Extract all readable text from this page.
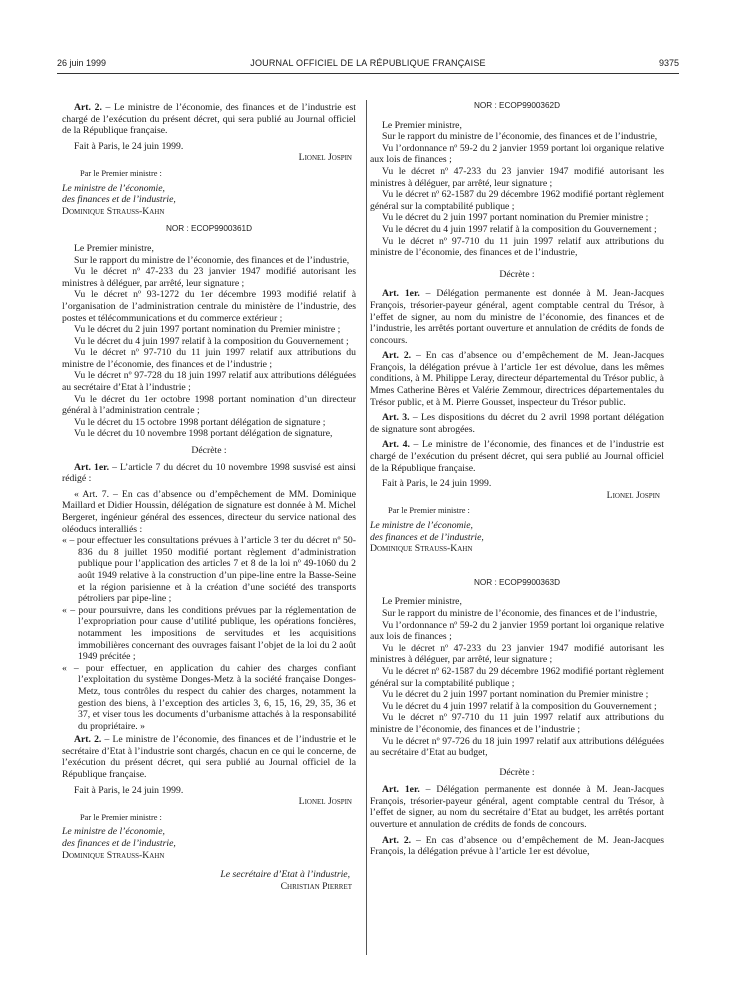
26 juin 1999	JOURNAL OFFICIEL DE LA RÉPUBLIQUE FRANÇAISE	9375

Art. 2. – Le ministre de l’économie, des finances et de l’industrie est chargé de l’exécution du présent décret, qui sera publié au Journal officiel de la République française.

Fait à Paris, le 24 juin 1999.

Lionel Jospin

Par le Premier ministre :

Le ministre de l’économie,

des finances et de l’industrie,

Dominique Strauss-Kahn

NOR : ECOP9900361D

Le Premier ministre,

Sur le rapport du ministre de l’économie, des finances et de l’industrie,

Vu le décret nº 47-233 du 23 janvier 1947 modifié autorisant les ministres à déléguer, par arrêté, leur signature ;

Vu le décret nº 93-1272 du 1er décembre 1993 modifié relatif à l’organisation de l’administration centrale du ministère de l’industrie, des postes et télécommunications et du commerce extérieur ;

Vu le décret du 2 juin 1997 portant nomination du Premier ministre ;

Vu le décret du 4 juin 1997 relatif à la composition du Gouvernement ;

Vu le décret nº 97-710 du 11 juin 1997 relatif aux attributions du ministre de l’économie, des finances et de l’industrie ;

Vu le décret nº 97-728 du 18 juin 1997 relatif aux attributions déléguées au secrétaire d’Etat à l’industrie ;

Vu le décret du 1er octobre 1998 portant nomination d’un directeur général à l’administration centrale ;

Vu le décret du 15 octobre 1998 portant délégation de signature ;

Vu le décret du 10 novembre 1998 portant délégation de signature,

Décrète :

Art. 1er. – L’article 7 du décret du 10 novembre 1998 susvisé est ainsi rédigé :

« Art. 7. – En cas d’absence ou d’empêchement de MM. Dominique Maillard et Didier Houssin, délégation de signature est donnée à M. Michel Bergeret, ingénieur général des essences, directeur du service national des oléoducs interalliés :

« – pour effectuer les consultations prévues à l’article 3 ter du décret nº 50-836 du 8 juillet 1950 modifié portant règlement d’administration publique pour l’application des articles 7 et 8 de la loi nº 49-1060 du 2 août 1949 relative à la construction d’un pipe-line entre la Basse-Seine et la région parisienne et à la création d’une société des transports pétroliers par pipe-line ;

« – pour poursuivre, dans les conditions prévues par la réglementation de l’expropriation pour cause d’utilité publique, les opérations foncières, notamment les impositions de servitudes et les acquisitions immobilières concernant des ouvrages faisant l’objet de la loi du 2 août 1949 précitée ;

« – pour effectuer, en application du cahier des charges confiant l’exploitation du système Donges-Metz à la société française Donges-Metz, tous contrôles du respect du cahier des charges, notamment la gestion des biens, à l’exception des articles 3, 6, 15, 16, 29, 35, 36 et 37, et viser tous les documents d’urbanisme attachés à la responsabilité du propriétaire. »

Art. 2. – Le ministre de l’économie, des finances et de l’industrie et le secrétaire d’Etat à l’industrie sont chargés, chacun en ce qui le concerne, de l’exécution du présent décret, qui sera publié au Journal officiel de la République française.

Fait à Paris, le 24 juin 1999.

Lionel Jospin

Par le Premier ministre :

Le ministre de l’économie,

des finances et de l’industrie,

Dominique Strauss-Kahn

Le secrétaire d’Etat à l’industrie,

Christian Pierret

NOR : ECOP9900362D

Le Premier ministre,

Sur le rapport du ministre de l’économie, des finances et de l’industrie,

Vu l’ordonnance nº 59-2 du 2 janvier 1959 portant loi organique relative aux lois de finances ;

Vu le décret nº 47-233 du 23 janvier 1947 modifié autorisant les ministres à déléguer, par arrêté, leur signature ;

Vu le décret nº 62-1587 du 29 décembre 1962 modifié portant règlement général sur la comptabilité publique ;

Vu le décret du 2 juin 1997 portant nomination du Premier ministre ;

Vu le décret du 4 juin 1997 relatif à la composition du Gouvernement ;

Vu le décret nº 97-710 du 11 juin 1997 relatif aux attributions du ministre de l’économie, des finances et de l’industrie,

Décrète :

Art. 1er. – Délégation permanente est donnée à M. Jean-Jacques François, trésorier-payeur général, agent comptable central du Trésor, à l’effet de signer, au nom du ministre de l’économie, des finances et de l’industrie, les arrêtés portant ouverture et annulation de crédits de fonds de concours.

Art. 2. – En cas d’absence ou d’empêchement de M. Jean-Jacques François, la délégation prévue à l’article 1er est dévolue, dans les mêmes conditions, à M. Philippe Leray, directeur départemental du Trésor public, à Mmes Catherine Bères et Valérie Zemmour, directrices départementales du Trésor public, et à M. Pierre Gousset, inspecteur du Trésor public.

Art. 3. – Les dispositions du décret du 2 avril 1998 portant délégation de signature sont abrogées.

Art. 4. – Le ministre de l’économie, des finances et de l’industrie est chargé de l’exécution du présent décret, qui sera publié au Journal officiel de la République française.

Fait à Paris, le 24 juin 1999.

Lionel Jospin

Par le Premier ministre :

Le ministre de l’économie,

des finances et de l’industrie,

Dominique Strauss-Kahn

NOR : ECOP9900363D

Le Premier ministre,

Sur le rapport du ministre de l’économie, des finances et de l’industrie,

Vu l’ordonnance nº 59-2 du 2 janvier 1959 portant loi organique relative aux lois de finances ;

Vu le décret nº 47-233 du 23 janvier 1947 modifié autorisant les ministres à déléguer, par arrêté, leur signature ;

Vu le décret nº 62-1587 du 29 décembre 1962 modifié portant règlement général sur la comptabilité publique ;

Vu le décret du 2 juin 1997 portant nomination du Premier ministre ;

Vu le décret du 4 juin 1997 relatif à la composition du Gouvernement ;

Vu le décret nº 97-710 du 11 juin 1997 relatif aux attributions du ministre de l’économie, des finances et de l’industrie ;

Vu le décret nº 97-726 du 18 juin 1997 relatif aux attributions déléguées au secrétaire d’Etat au budget,

Décrète :

Art. 1er. – Délégation permanente est donnée à M. Jean-Jacques François, trésorier-payeur général, agent comptable central du Trésor, à l’effet de signer, au nom du secrétaire d’Etat au budget, les arrêtés portant ouverture et annulation de crédits de fonds de concours.

Art. 2. – En cas d’absence ou d’empêchement de M. Jean-Jacques François, la délégation prévue à l’article 1er est dévolue,
